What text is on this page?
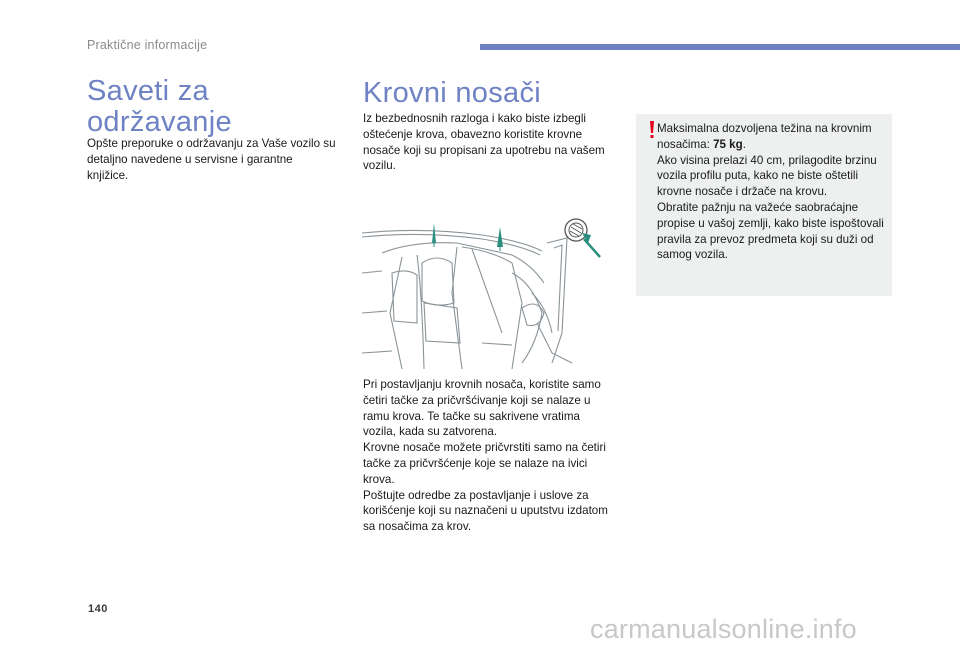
Praktične informacije
Saveti za
održavanje

Opšte preporuke o održavanju za Vaše vozilo su detaljno navedene u servisne i garantne knjižice.

Krovni nosači

Iz bezbednosnih razloga i kako biste izbegli oštećenje krova, obavezno koristite krovne nosače koji su propisani za upotrebu na vašem vozilu.

Pri postavljanju krovnih nosača, koristite samo četiri tačke za pričvršćivanje koji se nalaze u ramu krova. Te tačke su sakrivene vratima vozila, kada su zatvorena.

Krovne nosače možete pričvrstiti samo na četiri tačke za pričvršćenje koje se nalaze na ivici krova.

Poštujte odredbe za postavljanje i uslove za korišćenje koji su naznačeni u uputstvu izdatom sa nosačima za krov.

Maksimalna dozvoljena težina na krovnim nosačima: 75 kg.

Ako visina prelazi 40 cm, prilagodite brzinu vozila profilu puta, kako ne biste oštetili krovne nosače i držače na krovu.

Obratite pažnju na važeće saobraćajne propise u vašoj zemlji, kako biste ispoštovali pravila za prevoz predmeta koji su duži od samog vozila.

140
carmanualsonline.info
